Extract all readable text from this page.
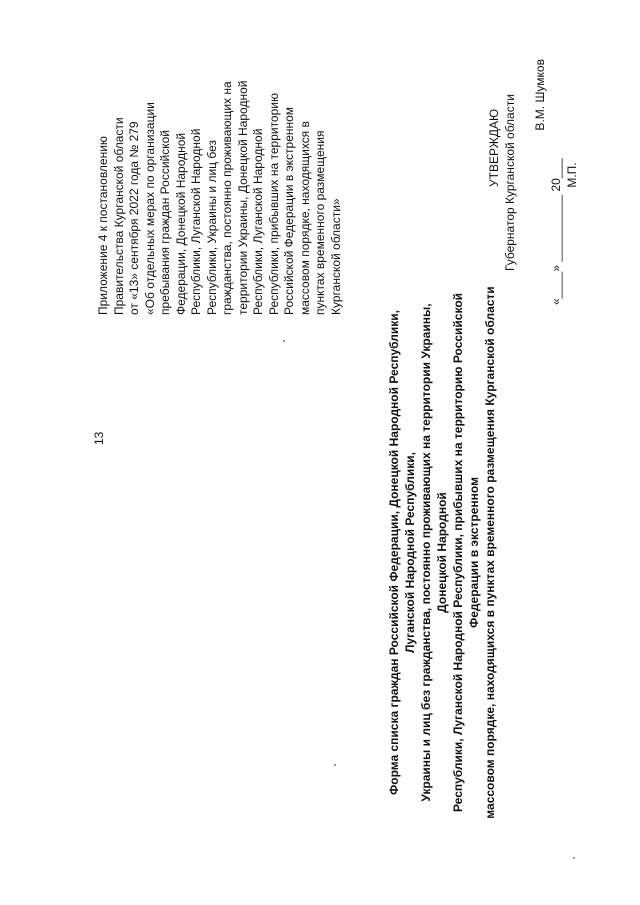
13
Приложение 4 к постановлению Правительства Курганской области от «13» сентября 2022 года № 279 «Об отдельных мерах по организации пребывания граждан Российской Федерации, Донецкой Народной Республики, Луганской Народной Республики, Украины и лиц без гражданства, постоянно проживающих на территории Украины, Донецкой Народной Республики, Луганской Народной Республики, прибывших на территорию Российской Федерации в экстренном массовом порядке, находящихся в пунктах временного размещения Курганской области»
Форма списка граждан Российской Федерации, Донецкой Народной Республики, Луганской Народной Республики, Украины и лиц без гражданства, постоянно проживающих на территории Украины, Донецкой Народной Республики, Луганской Народной Республики, прибывших на территорию Российской Федерации в экстренном массовом порядке, находящихся в пунктах временного размещения Курганской области
УТВЕРЖДАЮ Губернатор Курганской области В.М. Шумков
«____» __________ 20___ М.П.
